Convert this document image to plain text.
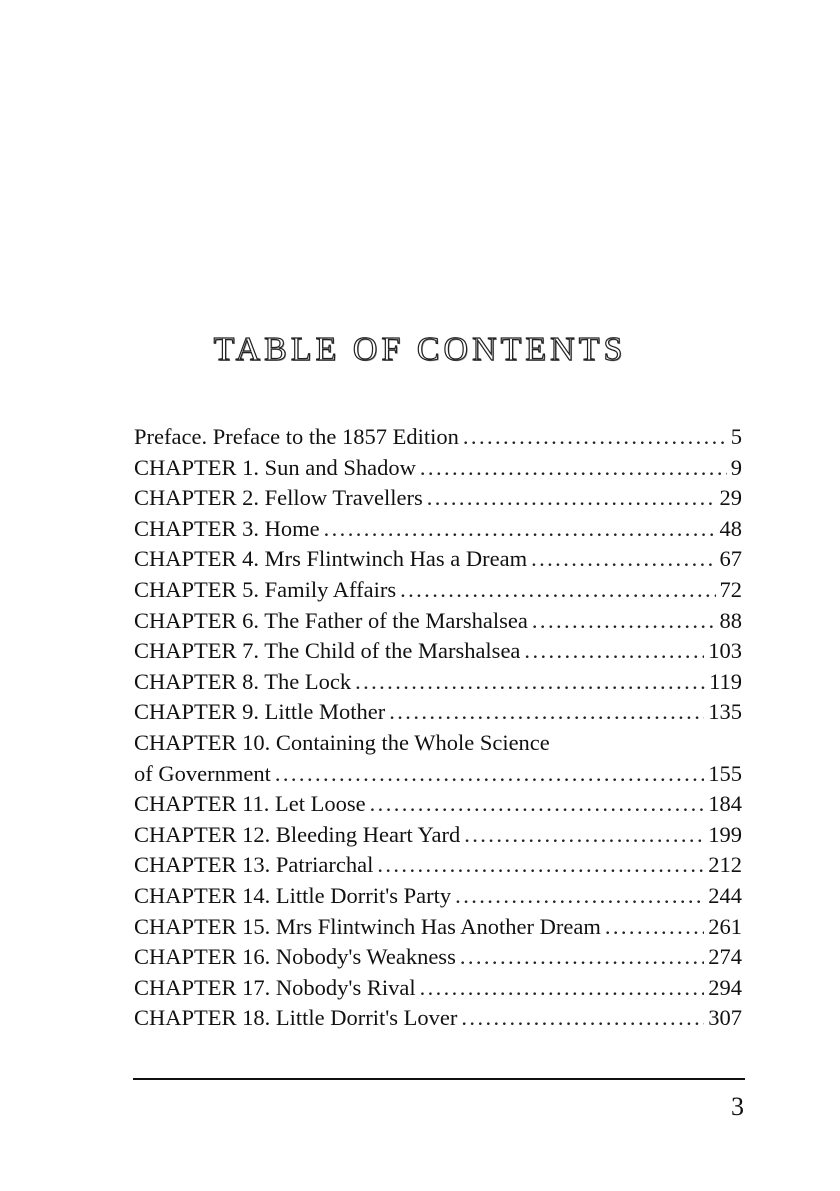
TABLE OF CONTENTS
Preface. Preface to the 1857 Edition .....	5
CHAPTER 1. Sun and Shadow .....	9
CHAPTER 2. Fellow Travellers .....	29
CHAPTER 3. Home .....	48
CHAPTER 4. Mrs Flintwinch Has a Dream .....	67
CHAPTER 5. Family Affairs .....	72
CHAPTER 6. The Father of the Marshalsea .....	88
CHAPTER 7. The Child of the Marshalsea .....	103
CHAPTER 8. The Lock .....	119
CHAPTER 9. Little Mother .....	135
CHAPTER 10. Containing the Whole Science
of Government .....	155
CHAPTER 11. Let Loose .....	184
CHAPTER 12. Bleeding Heart Yard .....	199
CHAPTER 13. Patriarchal .....	212
CHAPTER 14. Little Dorrit's Party .....	244
CHAPTER 15. Mrs Flintwinch Has Another Dream .....	261
CHAPTER 16. Nobody's Weakness .....	274
CHAPTER 17. Nobody's Rival .....	294
CHAPTER 18. Little Dorrit's Lover .....	307
3
